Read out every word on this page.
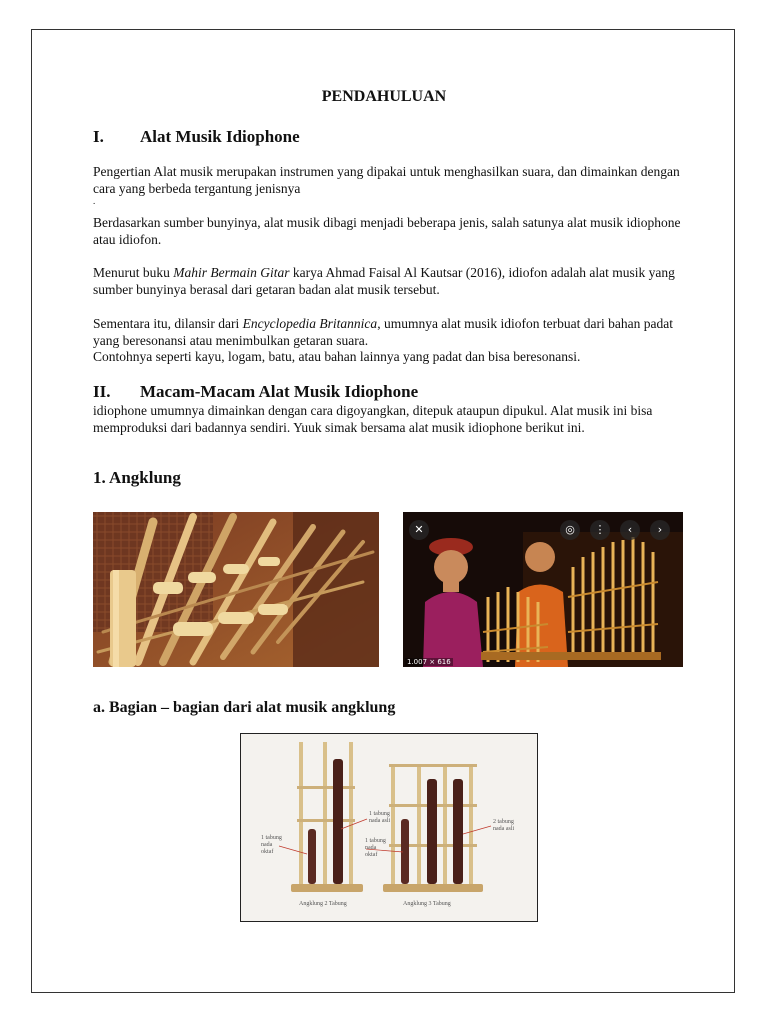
PENDAHULUAN
I. Alat Musik Idiophone
Pengertian Alat musik merupakan instrumen yang dipakai untuk menghasilkan suara, dan dimainkan dengan cara yang berbeda tergantung jenisnya
.
Berdasarkan sumber bunyinya, alat musik dibagi menjadi beberapa jenis, salah satunya alat musik idiophone atau idiofon.
Menurut buku Mahir Bermain Gitar karya Ahmad Faisal Al Kautsar (2016), idiofon adalah alat musik yang sumber bunyinya berasal dari getaran badan alat musik tersebut.
Sementara itu, dilansir dari Encyclopedia Britannica, umumnya alat musik idiofon terbuat dari bahan padat yang beresonansi atau menimbulkan getaran suara.
Contohnya seperti kayu, logam, batu, atau bahan lainnya yang padat dan bisa beresonansi.
II. Macam-Macam Alat Musik Idiophone
idiophone umumnya dimainkan dengan cara digoyangkan, ditepuk ataupun dipukul. Alat musik ini bisa memproduksi dari badannya sendiri. Yuuk simak bersama alat musik idiophone berikut ini.
1. Angklung
✕	◎	⋮	‹	›
1.007 × 616
a. Bagian – bagian dari alat musik angklung
1 tabung
nada
oktaf
1 tabung
nada asli
1 tabung
nada
oktaf
2 tabung
nada asli
Angklung 2 Tabung	Angklung 3 Tabung
